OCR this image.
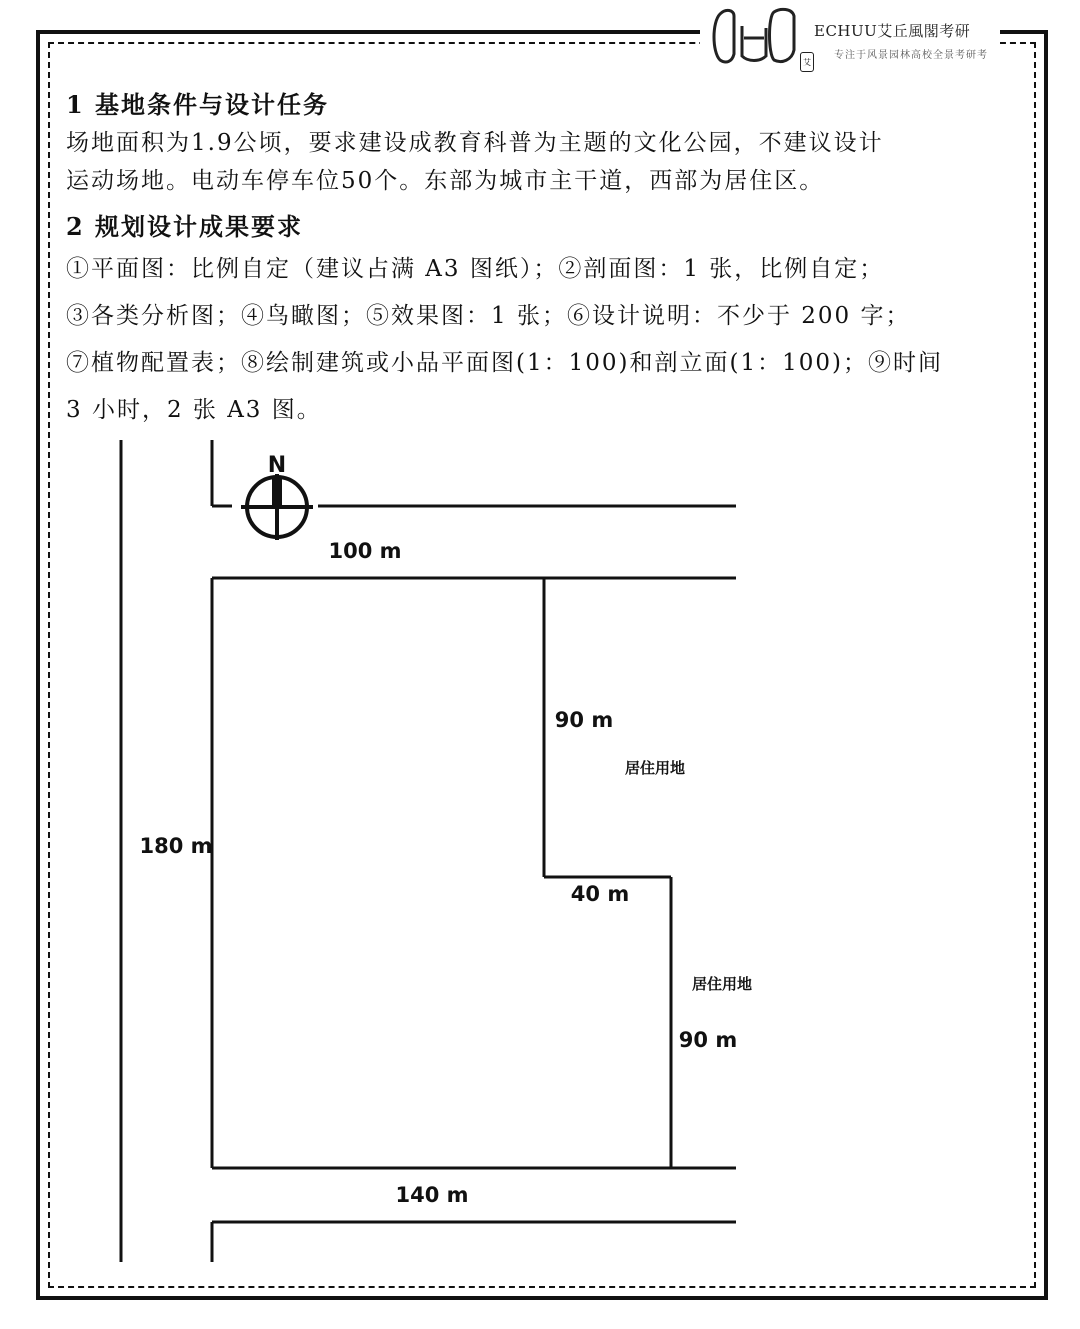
艾
ECHUU艾丘風閣考研
专注于风景园林高校全景考研考
1 基地条件与设计任务
场地面积为1.9公顷，要求建设成教育科普为主题的文化公园，不建议设计
运动场地。电动车停车位50个。东部为城市主干道，西部为居住区。
2 规划设计成果要求
①平面图：比例自定（建议占满 A3 图纸）；②剖面图：1 张，比例自定；
③各类分析图；④鸟瞰图；⑤效果图：1 张；⑥设计说明：不少于 200 字；
⑦植物配置表；⑧绘制建筑或小品平面图(1：100)和剖立面(1：100)；⑨时间
3 小时，2 张 A3 图。
N
100 m
180 m
90 m
40 m
90 m
140 m
居住用地
居住用地
